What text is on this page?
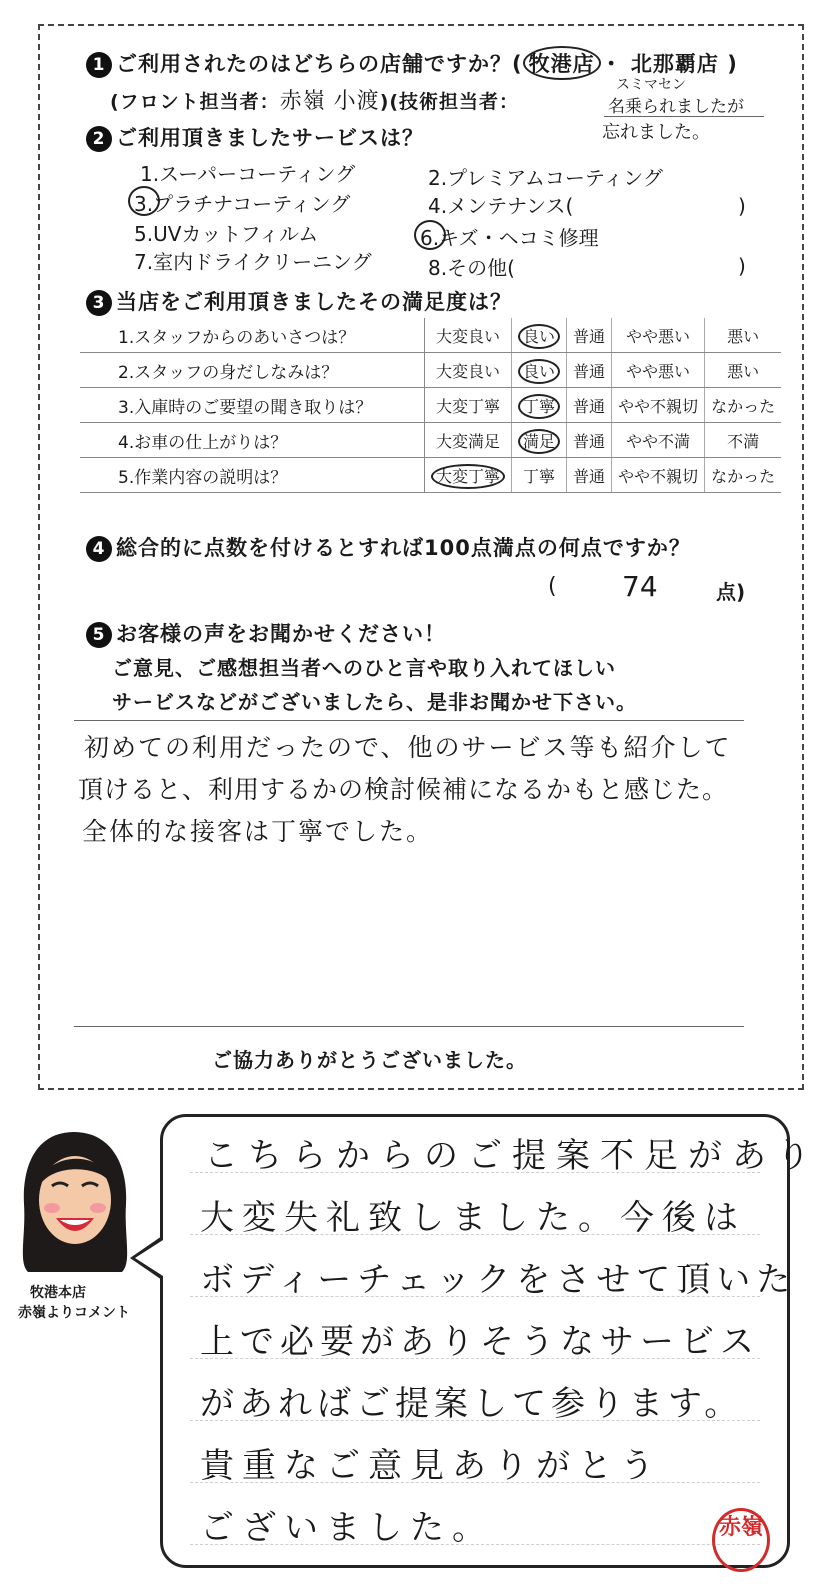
1 ご利用されたのはどちらの店舗ですか？( 牧港店 ・ 北那覇店 )
(フロント担当者：赤嶺 小渡)(技術担当者：
スミマセン
名乗られましたが
忘れました。
2 ご利用頂きましたサービスは？
1.スーパーコーティング	2.プレミアムコーティング
3.プラチナコーティング	4.メンテナンス(	)
5.UVカットフィルム	6.キズ・ヘコミ修理
7.室内ドライクリーニング	8.その他(	)
3 当店をご利用頂きましたその満足度は？
1.スタッフからのあいさつは？	大変良い	良い	普通	やや悪い	悪い
2.スタッフの身だしなみは？	大変良い	良い	普通	やや悪い	悪い
3.入庫時のご要望の聞き取りは？	大変丁寧	丁寧	普通	やや不親切	なかった
4.お車の仕上がりは？	大変満足	満足	普通	やや不満	不満
5.作業内容の説明は？	大変丁寧	丁寧	普通	やや不親切	なかった
4 総合的に点数を付けるとすれば100点満点の何点ですか？
( 74	点)
5 お客様の声をお聞かせください！
ご意見、ご感想担当者へのひと言や取り入れてほしい
サービスなどがございましたら、是非お聞かせ下さい。
初めての利用だったので、他のサービス等も紹介して
頂けると、利用するかの検討候補になるかもと感じた。
全体的な接客は丁寧でした。
ご協力ありがとうございました。
牧港本店
赤嶺よりコメント
こちらからのご提案不足があり
大変失礼致しました。今後は
ボディーチェックをさせて頂いた
上で必要がありそうなサービス
があればご提案して参ります。
貴重なご意見ありがとう
ございました。	赤嶺
